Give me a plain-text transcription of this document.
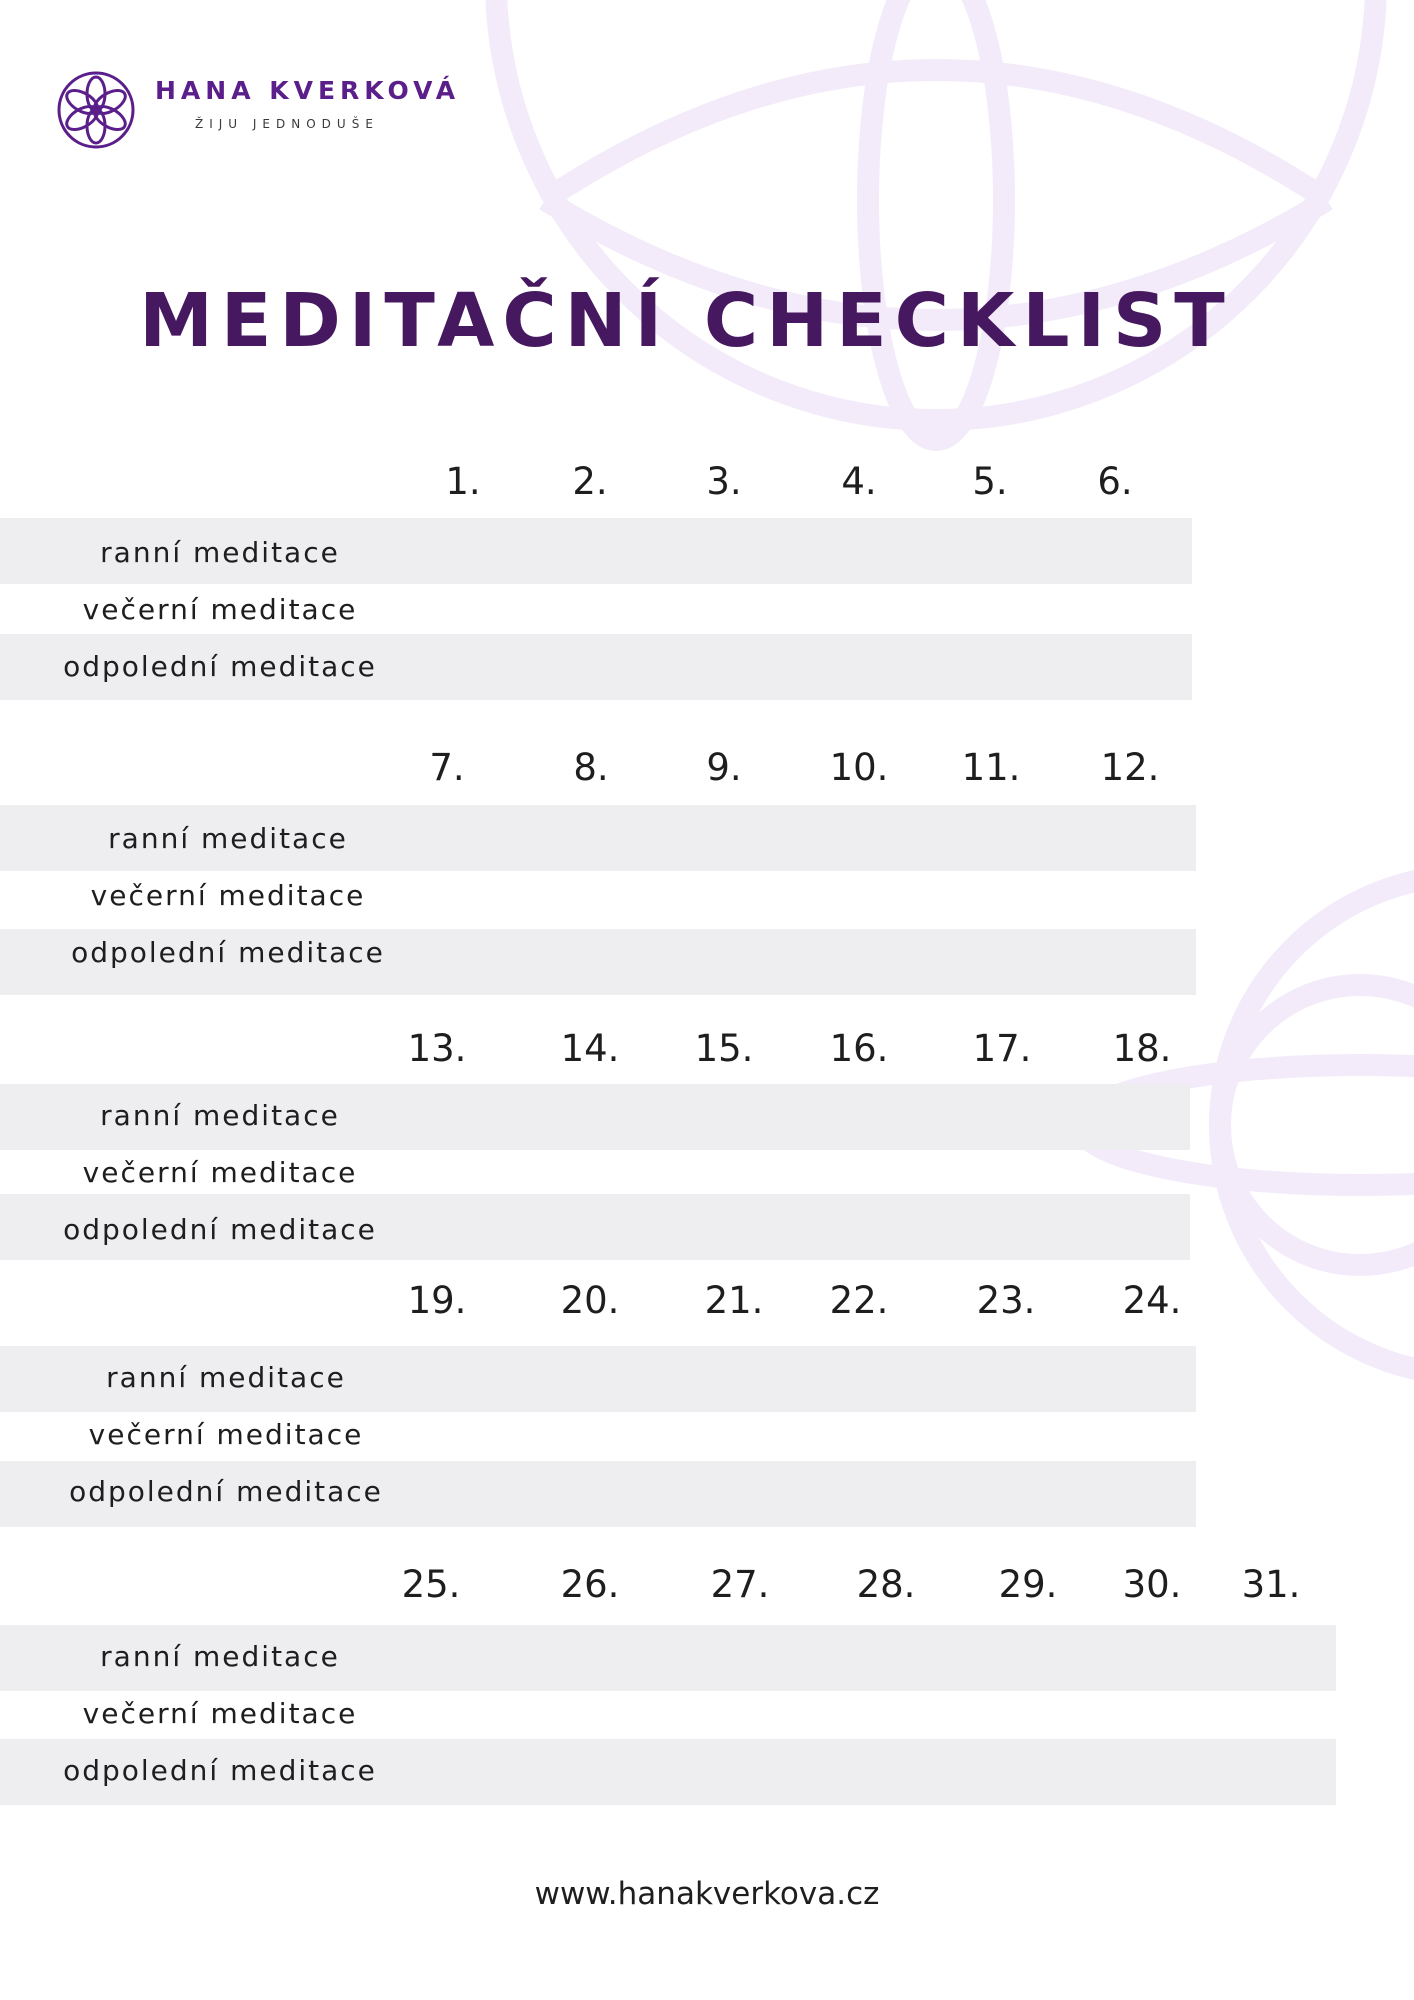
HANA KVERKOVÁ
ŽIJU JEDNODUŠE
MEDITAČNÍ CHECKLIST
1.	2.	3.	4.	5.	6.
ranní meditace
večerní meditace
odpolední meditace
7.	8.	9.	10.	11.	12.
ranní meditace
večerní meditace
odpolední meditace
13.	14.	15.	16.	17.	18.
ranní meditace
večerní meditace
odpolední meditace
19.	20.	21.	22.	23.	24.
ranní meditace
večerní meditace
odpolední meditace
25.	26.	27.	28.	29.	30.	31.
ranní meditace
večerní meditace
odpolední meditace
www.hanakverkova.cz
